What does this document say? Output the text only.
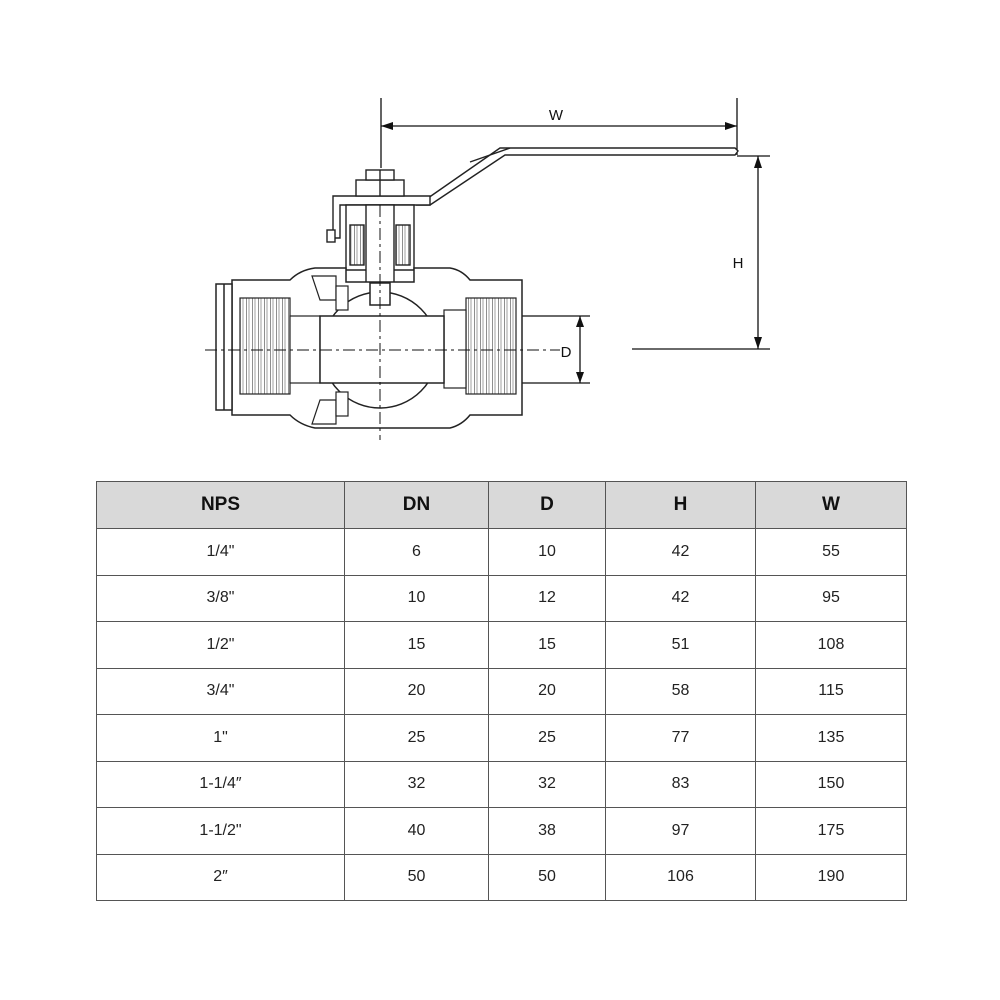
W
H
D
NPS	DN	D	H	W
1/4"	6	10	42	55
3/8"	10	12	42	95
1/2"	15	15	51	108
3/4"	20	20	58	115
1"	25	25	77	135
1-1/4″	32	32	83	150
1-1/2"	40	38	97	175
2″	50	50	106	190
